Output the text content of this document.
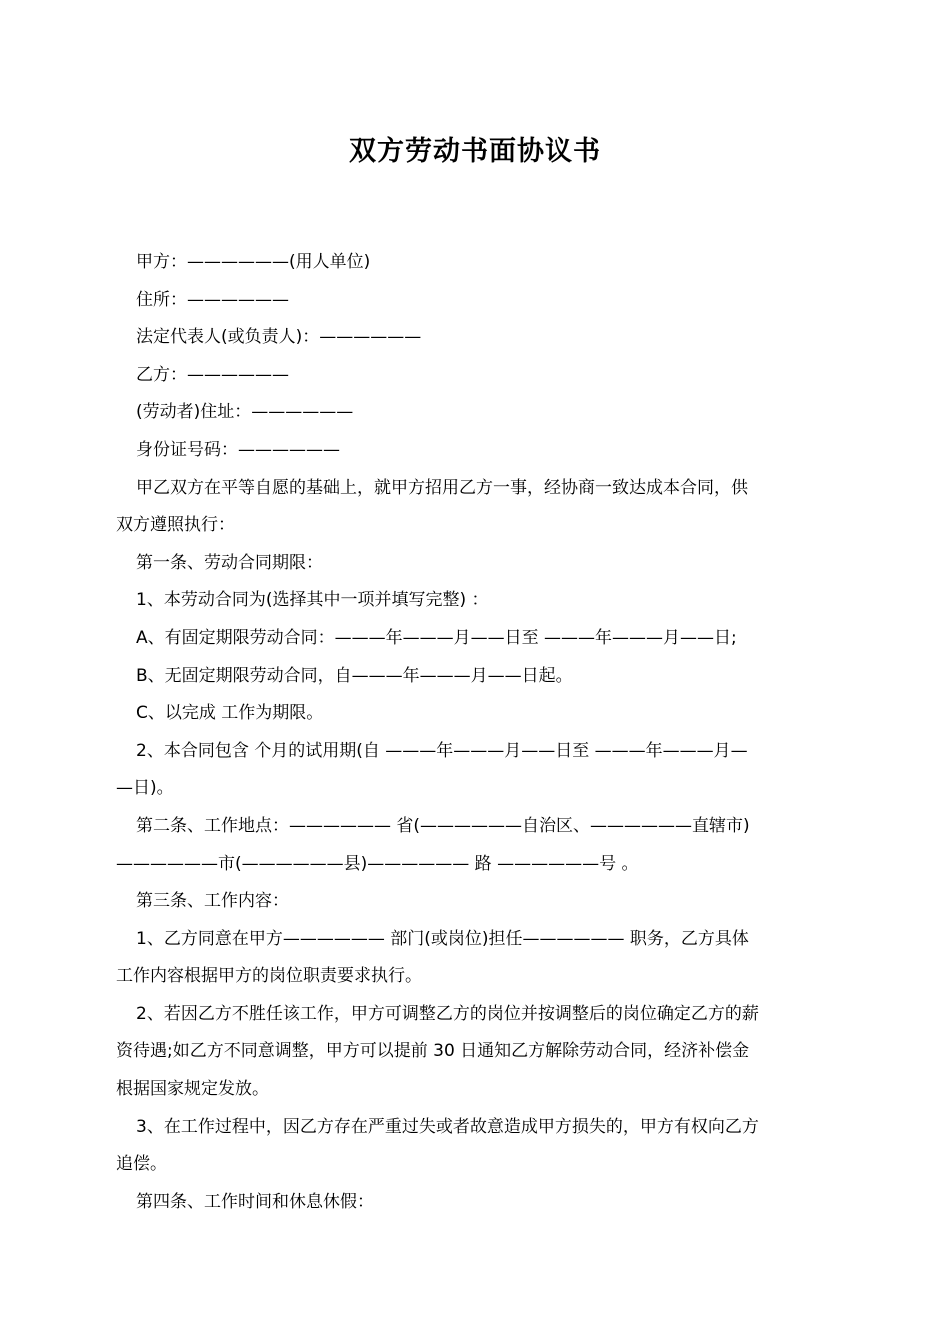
双方劳动书面协议书
甲方：——————(用人单位)
住所：——————
法定代表人(或负责人)：——————
乙方：——————
(劳动者)住址：——————
身份证号码：——————
甲乙双方在平等自愿的基础上，就甲方招用乙方一事，经协商一致达成本合同，供
双方遵照执行：
第一条、劳动合同期限：
1、本劳动合同为(选择其中一项并填写完整) ：
A、有固定期限劳动合同：———年———月——日至 ———年———月——日;
B、无固定期限劳动合同，自———年———月——日起。
C、以完成 工作为期限。
2、本合同包含 个月的试用期(自 ———年———月——日至 ———年———月—
—日)。
第二条、工作地点：—————— 省(——————自治区、——————直辖市)
——————市(——————县)—————— 路 ——————号 。
第三条、工作内容：
1、乙方同意在甲方—————— 部门(或岗位)担任—————— 职务，乙方具体
工作内容根据甲方的岗位职责要求执行。
2、若因乙方不胜任该工作，甲方可调整乙方的岗位并按调整后的岗位确定乙方的薪
资待遇;如乙方不同意调整，甲方可以提前 30 日通知乙方解除劳动合同，经济补偿金
根据国家规定发放。
3、在工作过程中，因乙方存在严重过失或者故意造成甲方损失的，甲方有权向乙方
追偿。
第四条、工作时间和休息休假：
